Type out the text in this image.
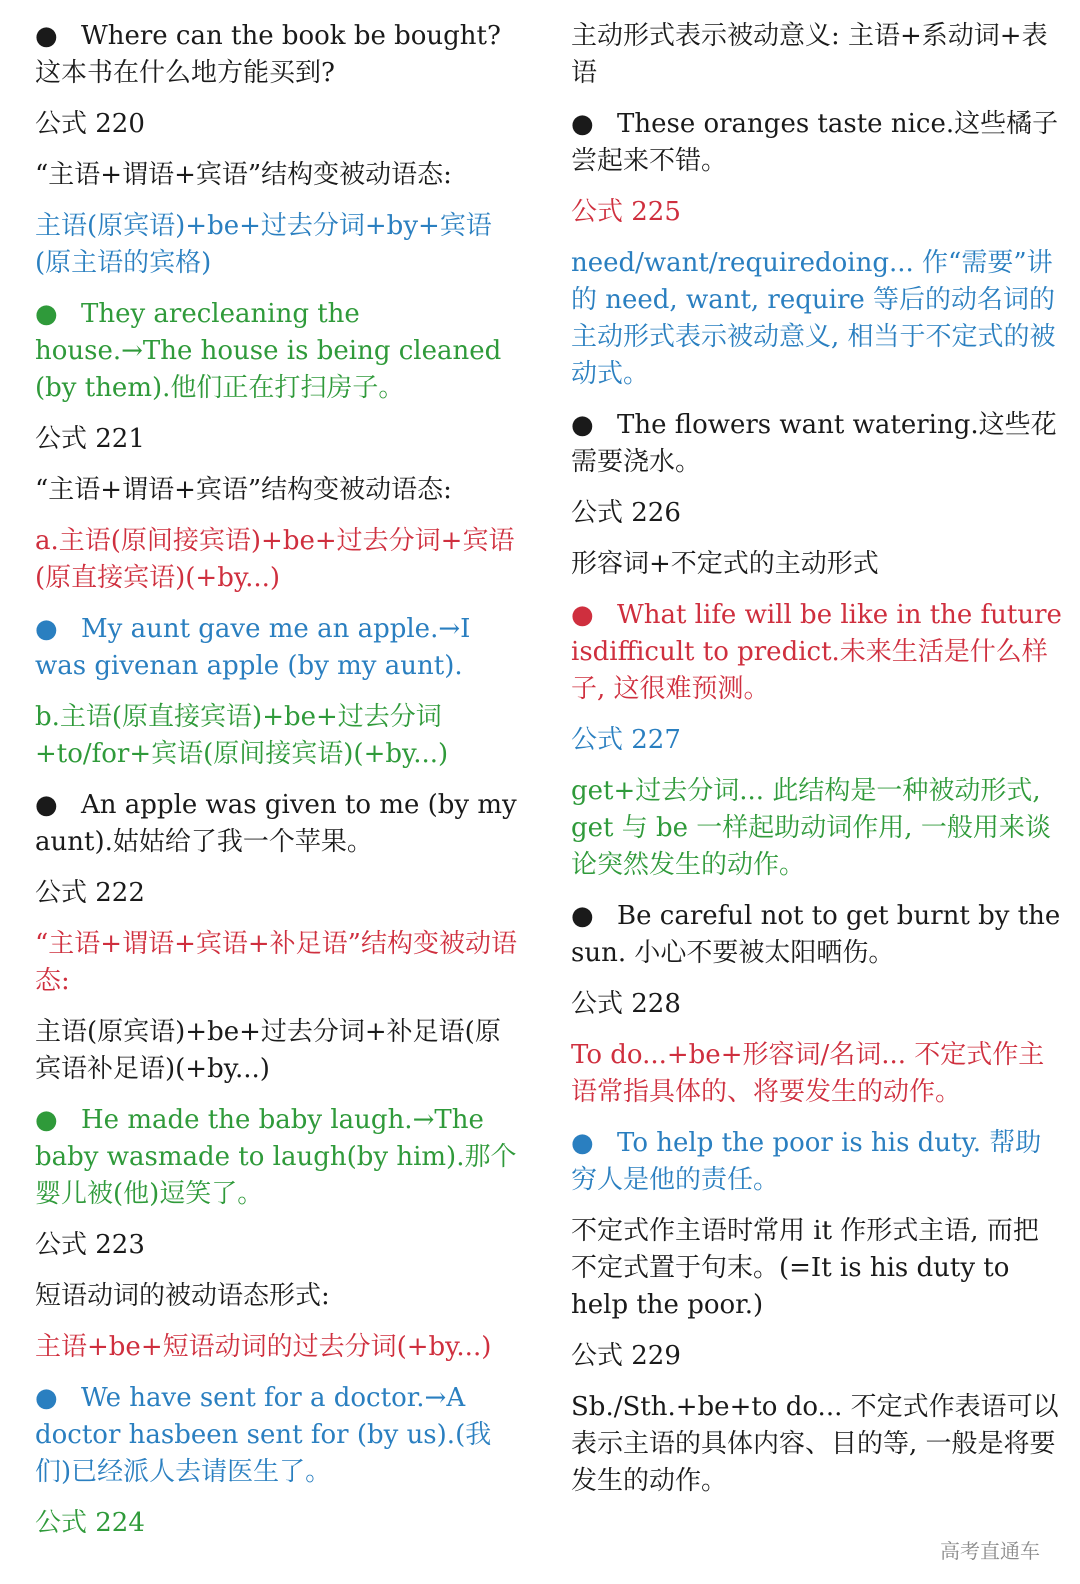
● Where can the book be bought?这本书在什么地方能买到?
公式 220
“主语+谓语+宾语”结构变被动语态:
主语(原宾语)+be+过去分词+by+宾语(原主语的宾格)
● They arecleaning the house.→The house is being cleaned (by them).他们正在打扫房子。
公式 221
“主语+谓语+宾语”结构变被动语态:
a.主语(原间接宾语)+be+过去分词+宾语(原直接宾语)(+by...)
● My aunt gave me an apple.→I was givenan apple (by my aunt).
b.主语(原直接宾语)+be+过去分词+to/for+宾语(原间接宾语)(+by...)
● An apple was given to me (by my aunt).姑姑给了我一个苹果。
公式 222
“主语+谓语+宾语+补足语”结构变被动语态:
主语(原宾语)+be+过去分词+补足语(原宾语补足语)(+by...)
● He made the baby laugh.→The baby wasmade to laugh(by him).那个婴儿被(他)逗笑了。
公式 223
短语动词的被动语态形式:
主语+be+短语动词的过去分词(+by...)
● We have sent for a doctor.→A doctor hasbeen sent for (by us).(我们)已经派人去请医生了。
公式 224
主动形式表示被动意义: 主语+系动词+表语
● These oranges taste nice.这些橘子尝起来不错。
公式 225
need/want/requiredoing... 作“需要”讲的 need, want, require 等后的动名词的主动形式表示被动意义, 相当于不定式的被动式。
● The flowers want watering.这些花需要浇水。
公式 226
形容词+不定式的主动形式
● What life will be like in the future isdifficult to predict.未来生活是什么样子, 这很难预测。
公式 227
get+过去分词... 此结构是一种被动形式, get 与 be 一样起助动词作用, 一般用来谈论突然发生的动作。
● Be careful not to get burnt by the sun. 小心不要被太阳晒伤。
公式 228
To do...+be+形容词/名词... 不定式作主语常指具体的、将要发生的动作。
● To help the poor is his duty. 帮助穷人是他的责任。
不定式作主语时常用 it 作形式主语, 而把不定式置于句末。(=It is his duty to help the poor.)
公式 229
Sb./Sth.+be+to do... 不定式作表语可以表示主语的具体内容、目的等, 一般是将要发生的动作。
高考直通车
